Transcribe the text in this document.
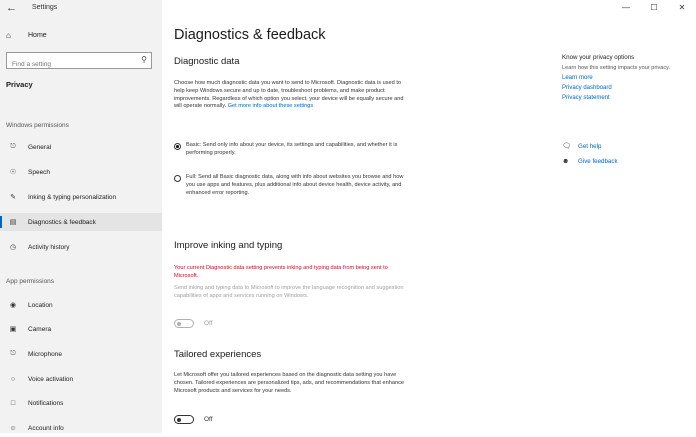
← Settings
⌂	Home
Find a setting
⚲
Privacy
Windows permissions
⎋	General
☉ Speech
✎	Inking & typing personalization
▤ Diagnostics & feedback
◷	Activity history
App permissions
◉	Location
▣ Camera
⎋	Microphone
○	Voice activation
□	Notifications
☺ Account info
—	☐	✕
Diagnostics & feedback
Diagnostic data
Choose how much diagnostic data you want to send to Microsoft. Diagnostic data is used to help keep Windows secure and up to date, troubleshoot problems, and make product improvements. Regardless of which option you select, your device will be equally secure and will operate normally. Get more info about these settings
Basic: Send only info about your device, its settings and capabilities, and whether it is performing properly.
Full: Send all Basic diagnostic data, along with info about websites you browse and how you use apps and features, plus additional info about device health, device activity, and enhanced error reporting.
Improve inking and typing
Your current Diagnostic data setting prevents inking and typing data from being sent to Microsoft.
Send inking and typing data to Microsoft to improve the language recognition and suggestion capabilities of apps and services running on Windows.
Off
Tailored experiences
Let Microsoft offer you tailored experiences based on the diagnostic data setting you have chosen. Tailored experiences are personalized tips, ads, and recommendations that enhance Microsoft products and services for your needs.
Off
Know your privacy options
Learn how this setting impacts your privacy.
Learn more
Privacy dashboard
Privacy statement
🗨 Get help
☻	Give feedback
